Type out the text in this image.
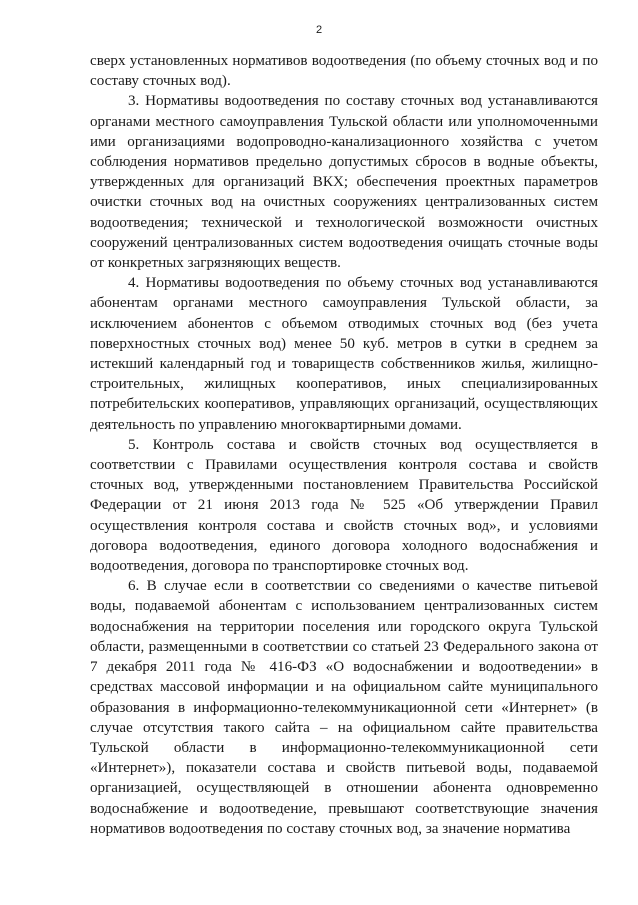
2

сверх установленных нормативов водоотведения (по объему сточных вод и по составу сточных вод).

3. Нормативы водоотведения по составу сточных вод устанавливаются органами местного самоуправления Тульской области или уполномоченными ими организациями водопроводно-канализационного хозяйства с учетом соблюдения нормативов предельно допустимых сбросов в водные объекты, утвержденных для организаций ВКХ; обеспечения проектных параметров очистки сточных вод на очистных сооружениях централизованных систем водоотведения; технической и технологической возможности очистных сооружений централизованных систем водоотведения очищать сточные воды от конкретных загрязняющих веществ.

4. Нормативы водоотведения по объему сточных вод устанавливаются абонентам органами местного самоуправления Тульской области, за исключением абонентов с объемом отводимых сточных вод (без учета поверхностных сточных вод) менее 50 куб. метров в сутки в среднем за истекший календарный год и товариществ собственников жилья, жилищно-строительных, жилищных кооперативов, иных специализированных потребительских кооперативов, управляющих организаций, осуществляющих деятельность по управлению многоквартирными домами.

5. Контроль состава и свойств сточных вод осуществляется в соответствии с Правилами осуществления контроля состава и свойств сточных вод, утвержденными постановлением Правительства Российской Федерации от 21 июня 2013 года № 525 «Об утверждении Правил осуществления контроля состава и свойств сточных вод», и условиями договора водоотведения, единого договора холодного водоснабжения и водоотведения, договора по транспортировке сточных вод.

6. В случае если в соответствии со сведениями о качестве питьевой воды, подаваемой абонентам с использованием централизованных систем водоснабжения на территории поселения или городского округа Тульской области, размещенными в соответствии со статьей 23 Федерального закона от 7 декабря 2011 года № 416-ФЗ «О водоснабжении и водоотведении» в средствах массовой информации и на официальном сайте муниципального образования в информационно-телекоммуникационной сети «Интернет» (в случае отсутствия такого сайта – на официальном сайте правительства Тульской области в информационно-телекоммуникационной сети «Интернет»), показатели состава и свойств питьевой воды, подаваемой организацией, осуществляющей в отношении абонента одновременно водоснабжение и водоотведение, превышают соответствующие значения нормативов водоотведения по составу сточных вод, за значение норматива
